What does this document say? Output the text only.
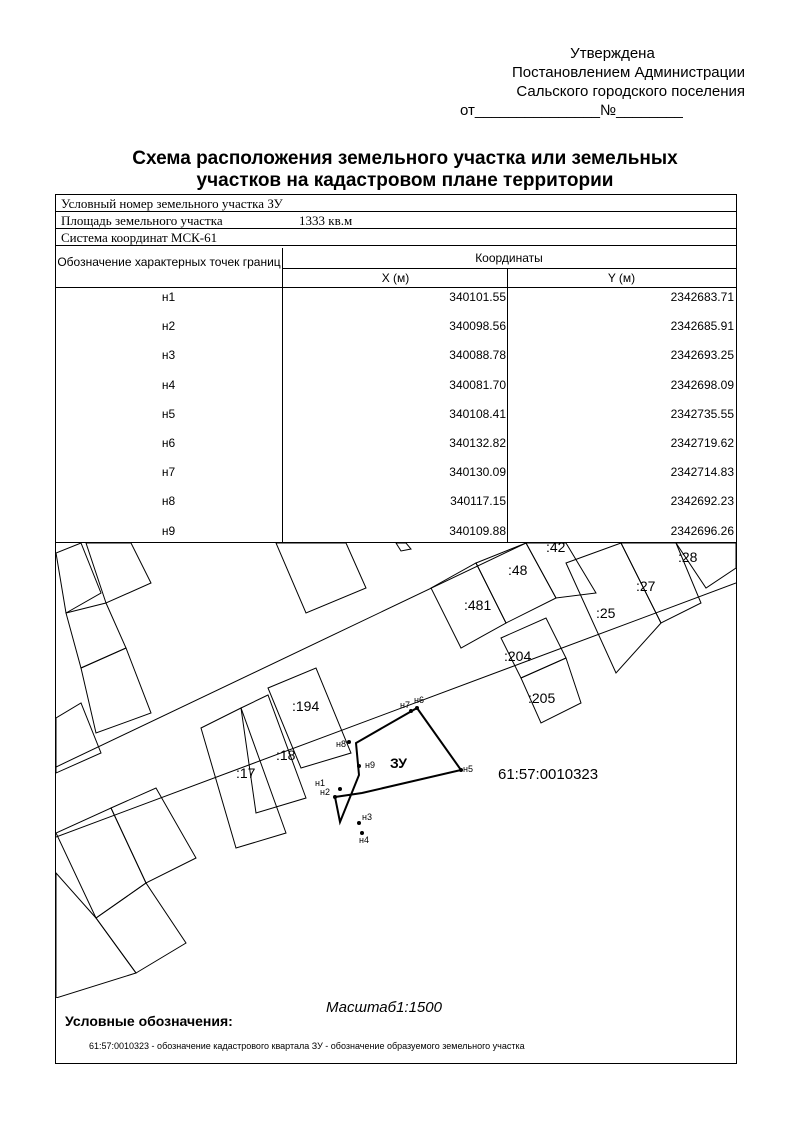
Утверждена
Постановлением Администрации
Сальского городского поселения
от_______________№________
Схема расположения земельного участка или земельных
участков на кадастровом плане территории
Условный номер земельного участка ЗУ
Площадь земельного участка	1333 кв.м
Система координат МСК-61
Обозначение характерных точек границ	Координаты
X (м)	Y (м)
н1	340101.55	2342683.71
н2	340098.56	2342685.91
н3	340088.78	2342693.25
н4	340081.70	2342698.09
н5	340108.41	2342735.55
н6	340132.82	2342719.62
н7	340130.09	2342714.83
н8	340117.15	2342692.23
н9	340109.88	2342696.26
:17
:18
:194
:481
:48
:42
:204
:205
:25
:27
:28
ЗУ
61:57:0010323
н1
н2
н3
н4
н5
н6
н7
н8
н9
Масштаб1:1500
Условные обозначения:
61:57:0010323 - обозначение кадастрового квартала ЗУ - обозначение образуемого земельного участка
